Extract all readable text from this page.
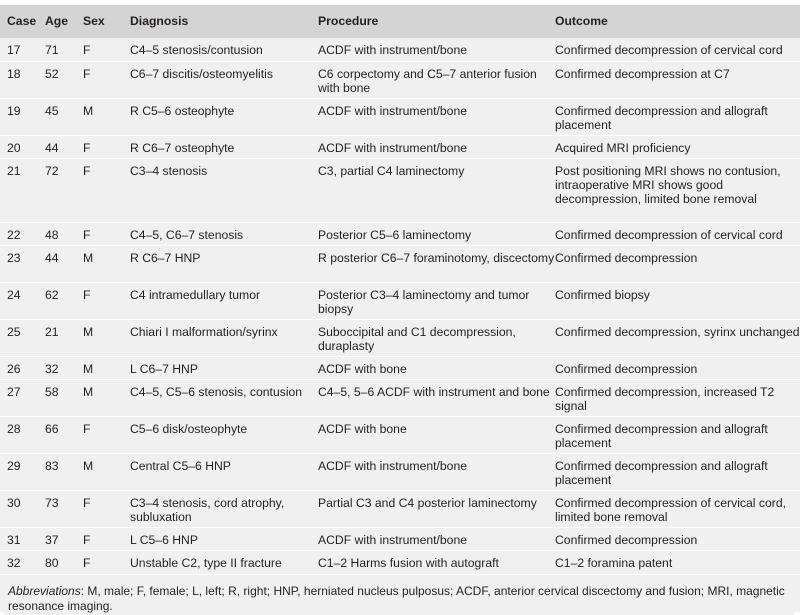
Case	Age	Sex	Diagnosis	Procedure	Outcome
17	71	F	C4–5 stenosis/contusion	ACDF with instrument/bone	Confirmed decompression of cervical cord
18	52	F	C6–7 discitis/osteomyelitis	C6 corpectomy and C5–7 anterior fusion with bone	Confirmed decompression at C7
19	45	M	R C5–6 osteophyte	ACDF with instrument/bone	Confirmed decompression and allograft placement
20	44	F	R C6–7 osteophyte	ACDF with instrument/bone	Acquired MRI proficiency
21	72	F	C3–4 stenosis	C3, partial C4 laminectomy	Post positioning MRI shows no contusion, intraoperative MRI shows good decompression, limited bone removal
22	48	F	C4–5, C6–7 stenosis	Posterior C5–6 laminectomy	Confirmed decompression of cervical cord
23	44	M	R C6–7 HNP	R posterior C6–7 foraminotomy, discectomy	Confirmed decompression
24	62	F	C4 intramedullary tumor	Posterior C3–4 laminectomy and tumor biopsy	Confirmed biopsy
25	21	M	Chiari I malformation/syrinx	Suboccipital and C1 decompression, duraplasty	Confirmed decompression, syrinx unchanged
26	32	M	L C6–7 HNP	ACDF with bone	Confirmed decompression
27	58	M	C4–5, C5–6 stenosis, contusion	C4–5, 5–6 ACDF with instrument and bone	Confirmed decompression, increased T2 signal
28	66	F	C5–6 disk/osteophyte	ACDF with bone	Confirmed decompression and allograft placement
29	83	M	Central C5–6 HNP	ACDF with instrument/bone	Confirmed decompression and allograft placement
30	73	F	C3–4 stenosis, cord atrophy, subluxation	Partial C3 and C4 posterior laminectomy	Confirmed decompression of cervical cord, limited bone removal
31	37	F	L C5–6 HNP	ACDF with instrument/bone	Confirmed decompression
32	80	F	Unstable C2, type II fracture	C1–2 Harms fusion with autograft	C1–2 foramina patent
Abbreviations: M, male; F, female; L, left; R, right; HNP, herniated nucleus pulposus; ACDF, anterior cervical discectomy and fusion; MRI, magnetic resonance imaging.
